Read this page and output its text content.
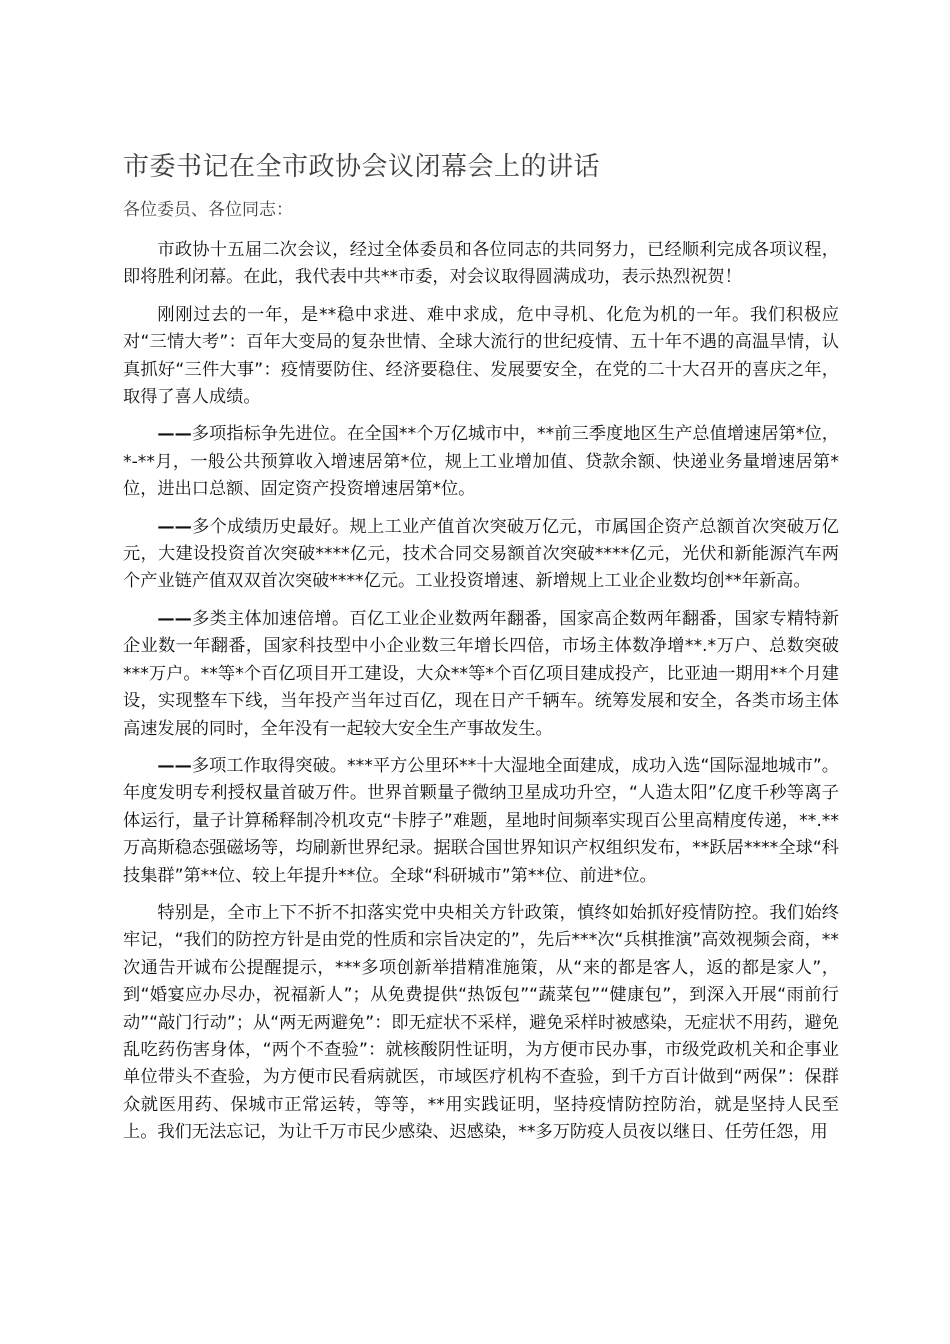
市委书记在全市政协会议闭幕会上的讲话

各位委员、各位同志：

市政协十五届二次会议，经过全体委员和各位同志的共同努力，已经顺利完成各项议程，即将胜利闭幕。在此，我代表中共**市委，对会议取得圆满成功，表示热烈祝贺！

刚刚过去的一年，是**稳中求进、难中求成，危中寻机、化危为机的一年。我们积极应对“三情大考”：百年大变局的复杂世情、全球大流行的世纪疫情、五十年不遇的高温旱情，认真抓好“三件大事”：疫情要防住、经济要稳住、发展要安全，在党的二十大召开的喜庆之年，取得了喜人成绩。

——多项指标争先进位。在全国**个万亿城市中，**前三季度地区生产总值增速居第*位，*-**月，一般公共预算收入增速居第*位，规上工业增加值、贷款余额、快递业务量增速居第*位，进出口总额、固定资产投资增速居第*位。

——多个成绩历史最好。规上工业产值首次突破万亿元，市属国企资产总额首次突破万亿元，大建设投资首次突破****亿元，技术合同交易额首次突破****亿元，光伏和新能源汽车两个产业链产值双双首次突破****亿元。工业投资增速、新增规上工业企业数均创**年新高。

——多类主体加速倍增。百亿工业企业数两年翻番，国家高企数两年翻番，国家专精特新企业数一年翻番，国家科技型中小企业数三年增长四倍，市场主体数净增**.*万户、总数突破***万户。**等*个百亿项目开工建设，大众**等*个百亿项目建成投产，比亚迪一期用**个月建设，实现整车下线，当年投产当年过百亿，现在日产千辆车。统筹发展和安全，各类市场主体高速发展的同时，全年没有一起较大安全生产事故发生。

——多项工作取得突破。***平方公里环**十大湿地全面建成，成功入选“国际湿地城市”。年度发明专利授权量首破万件。世界首颗量子微纳卫星成功升空，“人造太阳”亿度千秒等离子体运行，量子计算稀释制冷机攻克“卡脖子”难题，星地时间频率实现百公里高精度传递，**.**万高斯稳态强磁场等，均刷新世界纪录。据联合国世界知识产权组织发布，**跃居****全球“科技集群”第**位、较上年提升**位。全球“科研城市”第**位、前进*位。

特别是，全市上下不折不扣落实党中央相关方针政策，慎终如始抓好疫情防控。我们始终牢记，“我们的防控方针是由党的性质和宗旨决定的”，先后***次“兵棋推演”高效视频会商，**次通告开诚布公提醒提示，***多项创新举措精准施策，从“来的都是客人，返的都是家人”，到“婚宴应办尽办，祝福新人”；从免费提供“热饭包”“蔬菜包”“健康包”，到深入开展“雨前行动”“敲门行动”；从“两无两避免”：即无症状不采样，避免采样时被感染，无症状不用药，避免乱吃药伤害身体，“两个不查验”：就核酸阴性证明，为方便市民办事，市级党政机关和企事业单位带头不查验，为方便市民看病就医，市域医疗机构不查验，到千方百计做到“两保”：保群众就医用药、保城市正常运转，等等，**用实践证明，坚持疫情防控防治，就是坚持人民至上。我们无法忘记，为让千万市民少感染、迟感染，**多万防疫人员夜以继日、任劳任怨，用
